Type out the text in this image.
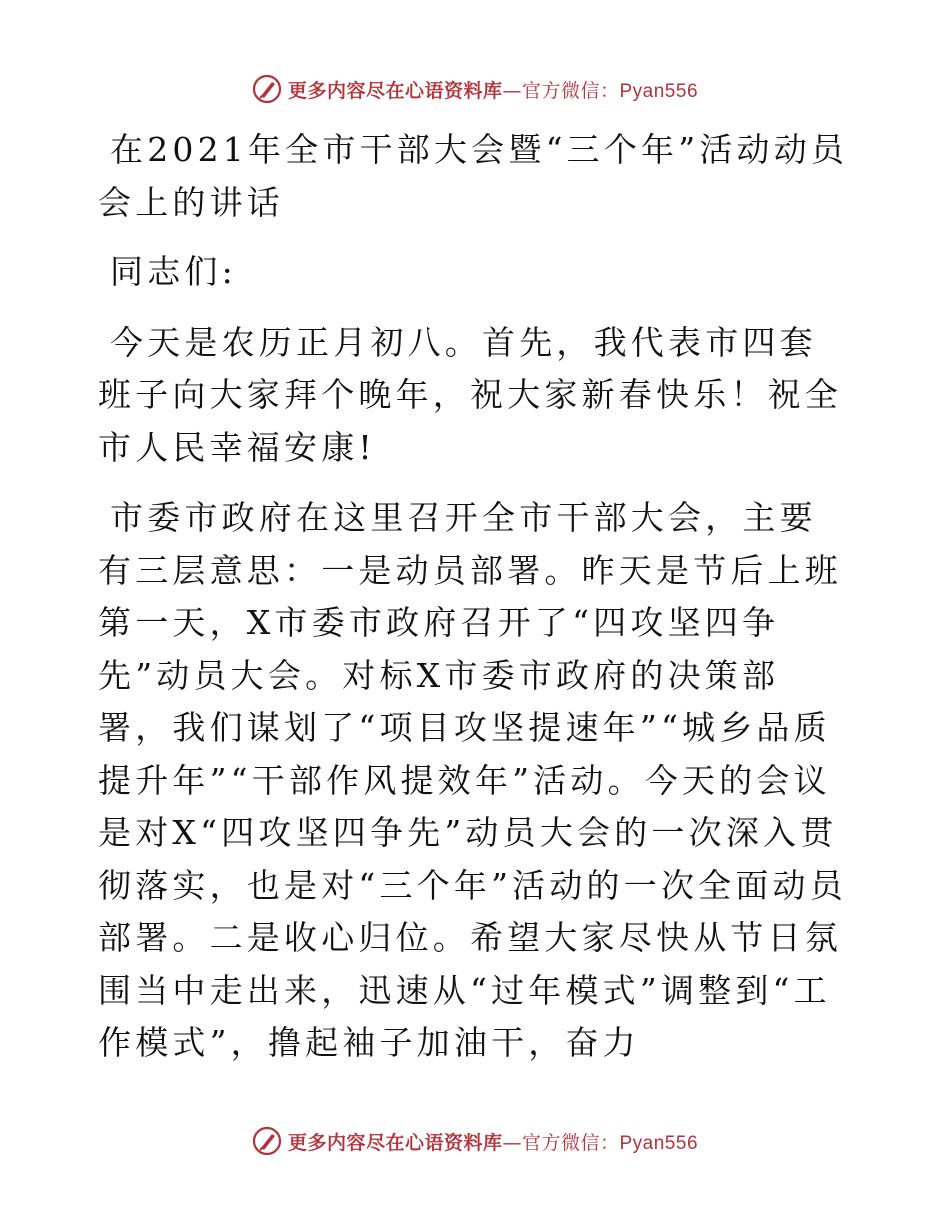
更多内容尽在心语资料库—官方微信：Pyan556

在2021年全市干部大会暨“三个年”活动动员会上的讲话

同志们:

今天是农历正月初八。首先，我代表市四套班子向大家拜个晚年，祝大家新春快乐！祝全市人民幸福安康!

市委市政府在这里召开全市干部大会，主要有三层意思：一是动员部署。昨天是节后上班第一天，X市委市政府召开了“四攻坚四争先”动员大会。对标X市委市政府的决策部署，我们谋划了“项目攻坚提速年”“城乡品质提升年”“干部作风提效年”活动。今天的会议是对X“四攻坚四争先”动员大会的一次深入贯彻落实，也是对“三个年”活动的一次全面动员部署。二是收心归位。希望大家尽快从节日氛围当中走出来，迅速从“过年模式”调整到“工作模式”，撸起袖子加油干，奋力

更多内容尽在心语资料库—官方微信：Pyan556
